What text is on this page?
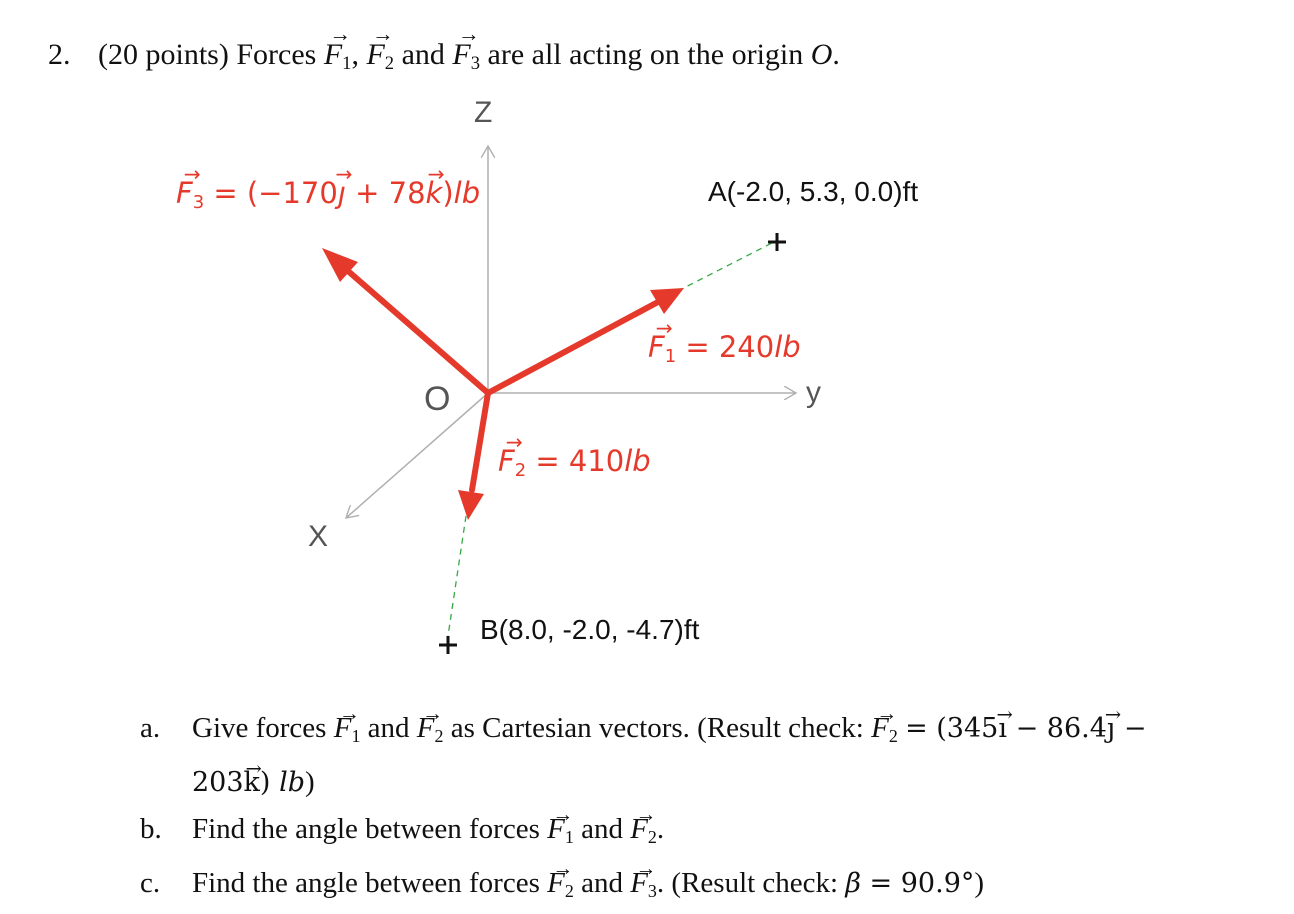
2. (20 points) Forces → $F_1$, → $F_2$ and → $F_3$ are all acting on the origin O.
Z
y
X
O
A(-2.0, 5.3, 0.0)ft
B(8.0, -2.0, -4.7)ft
→ $F_3 = (-170\to$ ȷ + 78→ k)lb
→ $F_1 = 240lb$
→ $F_2 = 410lb$
a. Give forces → $F_1$ and → $F_2$ as Cartesian vectors. (Result check: → $F_2 = (345\to$ ı − 86.4→ ȷ −
203→ k) lb)
b. Find the angle between forces → $F_1$ and → $F_2$.
c. Find the angle between forces → $F_2$ and → $F_3$. (Result check: β = 90.9°)
